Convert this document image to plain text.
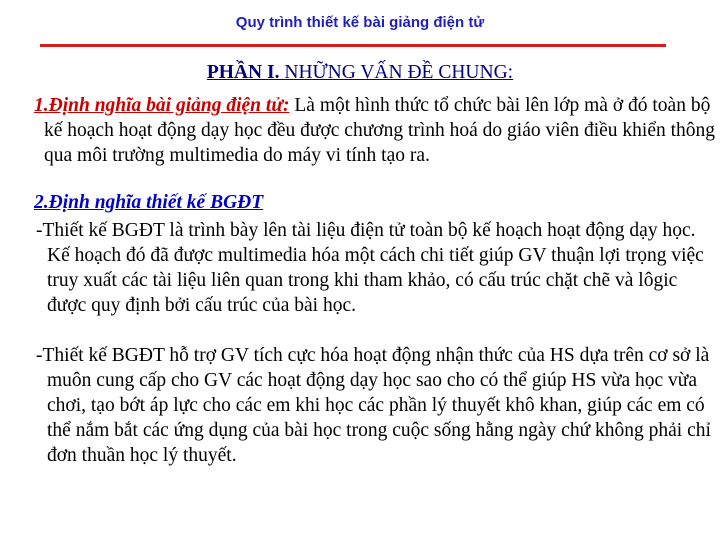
Quy trình thiết kế bài giảng điện tử
PHẦN I. NHỮNG VẤN ĐỀ CHUNG:

1.Định nghĩa bài giảng điện tử: Là một hình thức tổ chức bài lên lớp mà ở đó toàn bộ kế hoạch hoạt động dạy học đều được chương trình hoá do giáo viên điều khiển thông qua môi trường multimedia do máy vi tính tạo ra.

2.Định nghĩa thiết kế BGĐT

-Thiết kế BGĐT là trình bày lên tài liệu điện tử toàn bộ kế hoạch hoạt động dạy học. Kế hoạch đó đã được multimedia hóa một cách chi tiết giúp GV thuận lợi trọng việc truy xuất các tài liệu liên quan trong khi tham khảo, có cấu trúc chặt chẽ và lôgic được quy định bởi cấu trúc của bài học.

-Thiết kế BGĐT hỗ trợ GV tích cực hóa hoạt động nhận thức của HS dựa trên cơ sở là muôn cung cấp cho GV các hoạt động dạy học sao cho có thể giúp HS vừa học vừa chơi, tạo bớt áp lực cho các em khi học các phần lý thuyết khô khan, giúp các em có thể nắm bắt các ứng dụng của bài học trong cuộc sống hằng ngày chứ không phải chỉ đơn thuần học lý thuyết.
